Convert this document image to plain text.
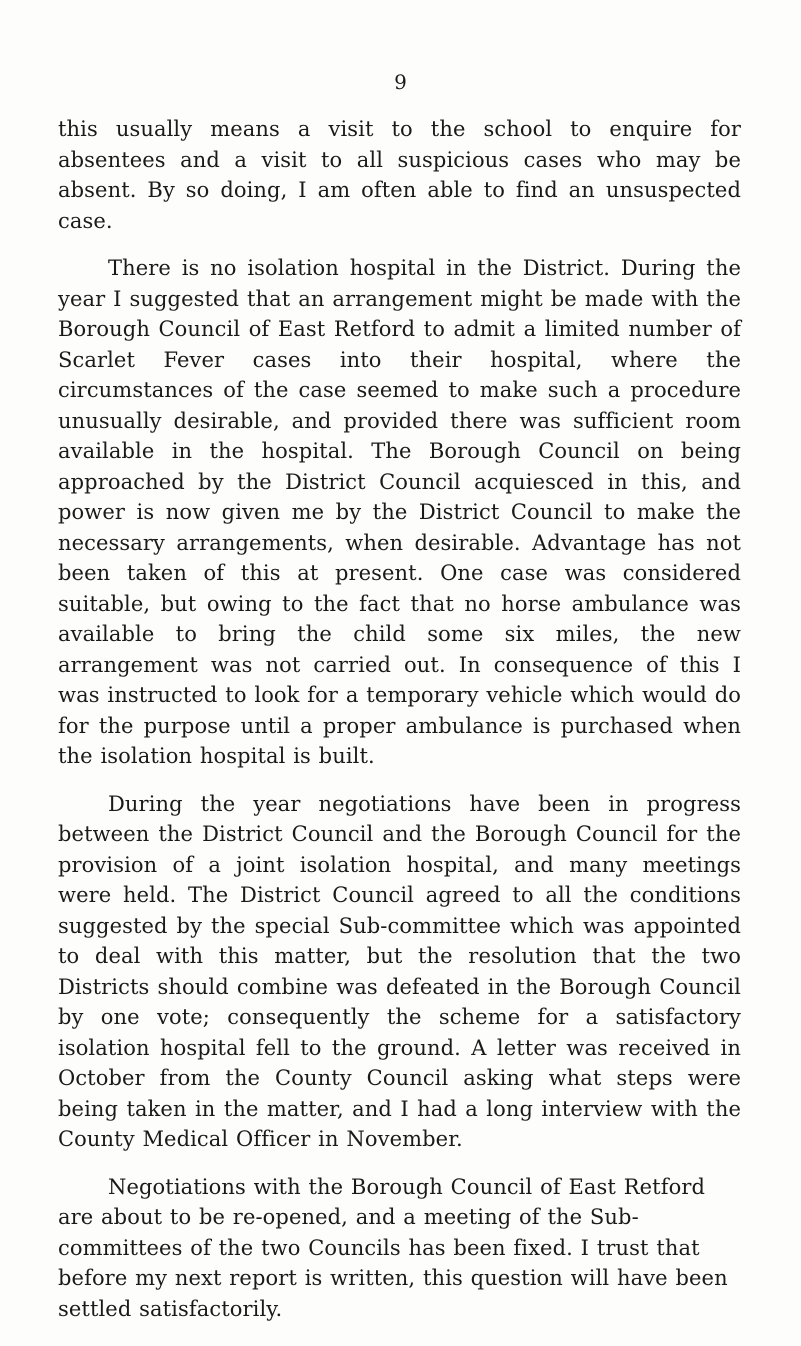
9

this usually means a visit to the school to enquire for absentees and a visit to all suspicious cases who may be absent. By so doing, I am often able to find an unsuspected case.

There is no isolation hospital in the District. During the year I suggested that an arrangement might be made with the Borough Council of East Retford to admit a limited number of Scarlet Fever cases into their hospital, where the circumstances of the case seemed to make such a procedure unusually desirable, and provided there was sufficient room available in the hospital. The Borough Council on being approached by the District Council acquiesced in this, and power is now given me by the District Council to make the necessary arrangements, when desirable. Advantage has not been taken of this at present. One case was considered suitable, but owing to the fact that no horse ambulance was available to bring the child some six miles, the new arrangement was not carried out. In consequence of this I was instructed to look for a temporary vehicle which would do for the purpose until a proper ambulance is purchased when the isolation hospital is built.

During the year negotiations have been in progress between the District Council and the Borough Council for the provision of a joint isolation hospital, and many meetings were held. The District Council agreed to all the conditions suggested by the special Sub-committee which was appointed to deal with this matter, but the resolution that the two Districts should combine was defeated in the Borough Council by one vote; consequently the scheme for a satisfactory isolation hospital fell to the ground. A letter was received in October from the County Council asking what steps were being taken in the matter, and I had a long interview with the County Medical Officer in November.

Negotiations with the Borough Council of East Retford are about to be re-opened, and a meeting of the Sub-committees of the two Councils has been fixed. I trust that before my next report is written, this question will have been settled satisfactorily.
